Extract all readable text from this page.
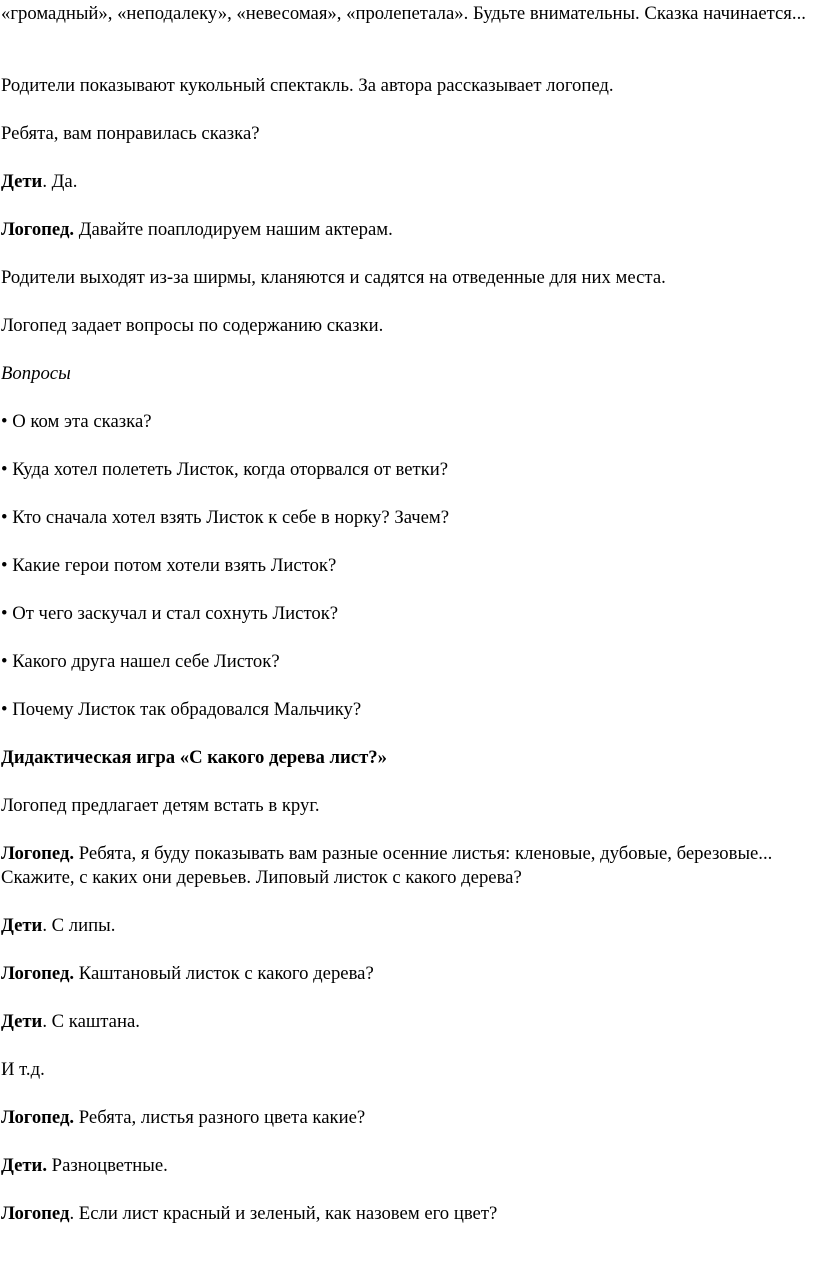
«громадный», «неподалеку», «невесомая», «пролепетала». Будьте внимательны. Сказка начинается...

Родители показывают кукольный спектакль. За автора рассказывает логопед.

Ребята, вам понравилась сказка?

Дети. Да.

Логопед. Давайте поаплодируем нашим актерам.

Родители выходят из-за ширмы, кланяются и садятся на отведенные для них места.

Логопед задает вопросы по содержанию сказки.

Вопросы

• О ком эта сказка?

• Куда хотел полететь Листок, когда оторвался от ветки?

• Кто сначала хотел взять Листок к себе в норку? Зачем?

• Какие герои потом хотели взять Листок?

• От чего заскучал и стал сохнуть Листок?

• Какого друга нашел себе Листок?

• Почему Листок так обрадовался Мальчику?

Дидактическая игра «С какого дерева лист?»

Логопед предлагает детям встать в круг.

Логопед. Ребята, я буду показывать вам разные осенние листья: кленовые, дубовые, березовые... Скажите, с каких они деревьев. Липовый листок с какого дерева?

Дети. С липы.

Логопед. Каштановый листок с какого дерева?

Дети. С каштана.

И т.д.

Логопед. Ребята, листья разного цвета какие?

Дети. Разноцветные.

Логопед. Если лист красный и зеленый, как назовем его цвет?
